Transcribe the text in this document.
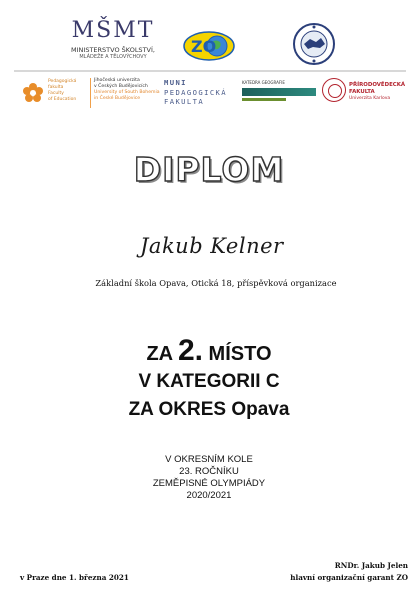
MŠMT
MINISTERSTVO ŠKOLSTVÍ,
MLÁDEŽE A TĚLOVÝCHOVY
ZO
Pedagogická
fakulta
Faculty
of Education
Jihočeská univerzita
v Českých Budějovicích
University of South Bohemia
in České Budějovice
MUNI
PEDAGOGICKÁ
FAKULTA
KATEDRA GEOGRAFIE	PŘÍRODOVĚDECKÁ
FAKULTA
Univerzita Karlova
DIPLOM
Jakub Kelner
Základní škola Opava, Otická 18, příspěvková organizace
ZA 2. MÍSTO
V KATEGORII C
ZA OKRES Opava
V OKRESNÍM KOLE
23. ROČNÍKU
ZEMĚPISNÉ OLYMPIÁDY
2020/2021
v Praze dne 1. března 2021
RNDr. Jakub Jelen
hlavní organizační garant ZO
